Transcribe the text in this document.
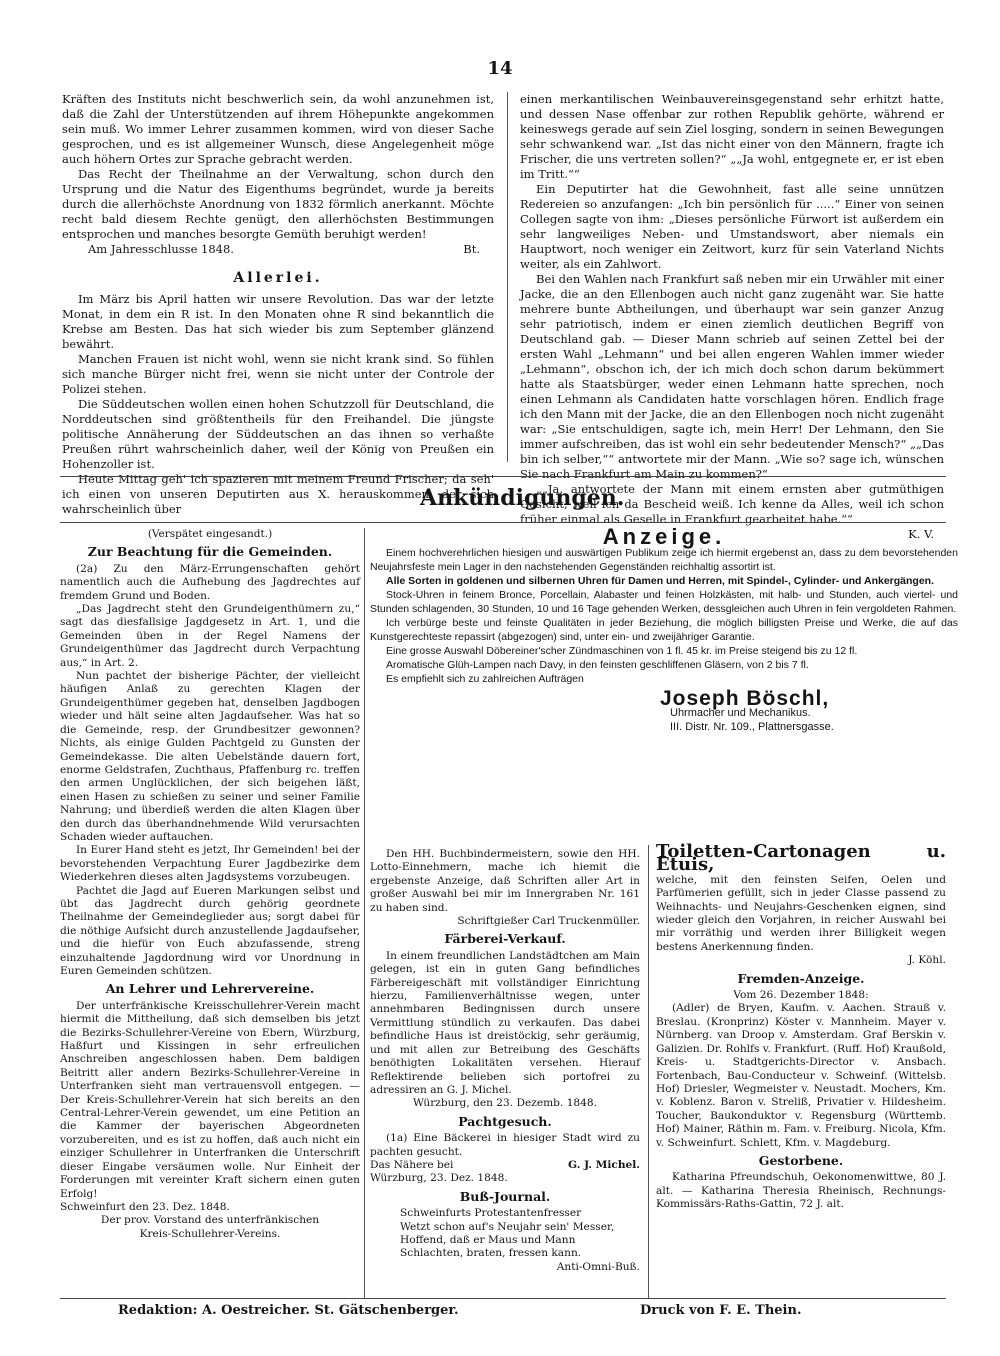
14

Kräften des Instituts nicht beschwerlich sein, da wohl anzunehmen ist, daß die Zahl der Unterstützenden auf ihrem Höhepunkte angekommen sein muß. Wo immer Lehrer zusammen kommen, wird von dieser Sache gesprochen, und es ist allgemeiner Wunsch, diese Angelegenheit möge auch höhern Ortes zur Sprache gebracht werden.

Das Recht der Theilnahme an der Verwaltung, schon durch den Ursprung und die Natur des Eigenthums begründet, wurde ja bereits durch die allerhöchste Anordnung von 1832 förmlich anerkannt. Möchte recht bald diesem Rechte genügt, den allerhöchsten Bestimmungen entsprochen und manches besorgte Gemüth beruhigt werden!

Am Jahresschlusse 1848.	Bt.

Allerlei.

Im März bis April hatten wir unsere Revolution. Das war der letzte Monat, in dem ein R ist. In den Monaten ohne R sind bekanntlich die Krebse am Besten. Das hat sich wieder bis zum September glänzend bewährt.

Manchen Frauen ist nicht wohl, wenn sie nicht krank sind. So fühlen sich manche Bürger nicht frei, wenn sie nicht unter der Controle der Polizei stehen.

Die Süddeutschen wollen einen hohen Schutzzoll für Deutschland, die Norddeutschen sind größtentheils für den Freihandel. Die jüngste politische Annäherung der Süddeutschen an das ihnen so verhaßte Preußen rührt wahrscheinlich daher, weil der König von Preußen ein Hohenzoller ist.

Heute Mittag geh' ich spazieren mit meinem Freund Frischer; da seh' ich einen von unseren Deputirten aus X. herauskommen, der sich wahrscheinlich über

einen merkantilischen Weinbauvereinsgegenstand sehr erhitzt hatte, und dessen Nase offenbar zur rothen Republik gehörte, während er keineswegs gerade auf sein Ziel losging, sondern in seinen Bewegungen sehr schwankend war. „Ist das nicht einer von den Männern, fragte ich Frischer, die uns vertreten sollen?“ „„Ja wohl, entgegnete er, er ist eben im Tritt.““

Ein Deputirter hat die Gewohnheit, fast alle seine unnützen Redereien so anzufangen: „Ich bin persönlich für .....“ Einer von seinen Collegen sagte von ihm: „Dieses persönliche Fürwort ist außerdem ein sehr langweiliges Neben- und Umstandswort, aber niemals ein Hauptwort, noch weniger ein Zeitwort, kurz für sein Vaterland Nichts weiter, als ein Zahlwort.

Bei den Wahlen nach Frankfurt saß neben mir ein Urwähler mit einer Jacke, die an den Ellenbogen auch nicht ganz zugenäht war. Sie hatte mehrere bunte Abtheilungen, und überhaupt war sein ganzer Anzug sehr patriotisch, indem er einen ziemlich deutlichen Begriff von Deutschland gab. — Dieser Mann schrieb auf seinen Zettel bei der ersten Wahl „Lehmann“ und bei allen engeren Wahlen immer wieder „Lehmann“, obschon ich, der ich mich doch schon darum bekümmert hatte als Staatsbürger, weder einen Lehmann hatte sprechen, noch einen Lehmann als Candidaten hatte vorschlagen hören. Endlich frage ich den Mann mit der Jacke, die an den Ellenbogen noch nicht zugenäht war: „Sie entschuldigen, sagte ich, mein Herr! Der Lehmann, den Sie immer aufschreiben, das ist wohl ein sehr bedeutender Mensch?“ „„Das bin ich selber,““ antwortete mir der Mann. „Wie so? sage ich, wünschen Sie nach Frankfurt am Main zu kommen?“

„„Ja, antwortete der Mann mit einem ernsten aber gutmüthigen Gesicht, weil ich da Bescheid weiß. Ich kenne da Alles, weil ich schon früher einmal als Geselle in Frankfurt gearbeitet habe.““

K. V.

Ankündigungen.

(Verspätet eingesandt.)

Zur Beachtung für die Gemeinden.

(2a) Zu den März-Errungenschaften gehört namentlich auch die Aufhebung des Jagdrechtes auf fremdem Grund und Boden.

„Das Jagdrecht steht den Grundeigenthümern zu,“ sagt das diesfallsige Jagdgesetz in Art. 1, und die Gemeinden üben in der Regel Namens der Grundeigenthümer das Jagdrecht durch Verpachtung aus,“ in Art. 2.

Nun pachtet der bisherige Pächter, der vielleicht häufigen Anlaß zu gerechten Klagen der Grundeigenthümer gegeben hat, denselben Jagdbogen wieder und hält seine alten Jagdaufseher. Was hat so die Gemeinde, resp. der Grundbesitzer gewonnen? Nichts, als einige Gulden Pachtgeld zu Gunsten der Gemeindekasse. Die alten Uebelstände dauern fort, enorme Geldstrafen, Zuchthaus, Pfaffenburg rc. treffen den armen Unglücklichen, der sich beigehen läßt, einen Hasen zu schießen zu seiner und seiner Familie Nahrung; und überdieß werden die alten Klagen über den durch das überhandnehmende Wild verursachten Schaden wieder auftauchen.

In Eurer Hand steht es jetzt, Ihr Gemeinden! bei der bevorstehenden Verpachtung Eurer Jagdbezirke dem Wiederkehren dieses alten Jagdsystems vorzubeugen.

Pachtet die Jagd auf Eueren Markungen selbst und übt das Jagdrecht durch gehörig geordnete Theilnahme der Gemeindeglieder aus; sorgt dabei für die nöthige Aufsicht durch anzustellende Jagdaufseher, und die hiefür von Euch abzufassende, streng einzuhaltende Jagdordnung wird vor Unordnung in Euren Gemeinden schützen.

An Lehrer und Lehrervereine.

Der unterfränkische Kreisschullehrer-Verein macht hiermit die Mittheilung, daß sich demselben bis jetzt die Bezirks-Schullehrer-Vereine von Ebern, Würzburg, Haßfurt und Kissingen in sehr erfreulichen Anschreiben angeschlossen haben. Dem baldigen Beitritt aller andern Bezirks-Schullehrer-Vereine in Unterfranken sieht man vertrauensvoll entgegen. — Der Kreis-Schullehrer-Verein hat sich bereits an den Central-Lehrer-Verein gewendet, um eine Petition an die Kammer der bayerischen Abgeordneten vorzubereiten, und es ist zu hoffen, daß auch nicht ein einziger Schullehrer in Unterfranken die Unterschrift dieser Eingabe versäumen wolle. Nur Einheit der Forderungen mit vereinter Kraft sichern einen guten Erfolg!

Schweinfurt den 23. Dez. 1848.

Der prov. Vorstand des unterfränkischen

Kreis-Schullehrer-Vereins.

Anzeige.

Einem hochverehrlichen hiesigen und auswärtigen Publikum zeige ich hiermit ergebenst an, dass zu dem bevorstehenden Neujahrsfeste mein Lager in den nachstehenden Gegenständen reichhaltig assortirt ist.

Alle Sorten in goldenen und silbernen Uhren für Damen und Herren, mit Spindel-, Cylinder- und Ankergängen.

Stock-Uhren in feinem Bronce, Porcellain, Alabaster und feinen Holzkästen, mit halb- und Stunden, auch viertel- und Stunden schlagenden, 30 Stunden, 10 und 16 Tage gehenden Werken, dessgleichen auch Uhren in fein vergoldeten Rahmen.

Ich verbürge beste und feinste Qualitäten in jeder Beziehung, die möglich billigsten Preise und Werke, die auf das Kunstgerechteste repassirt (abgezogen) sind, unter ein- und zweijähriger Garantie.

Eine grosse Auswahl Döbereiner'scher Zündmaschinen von 1 fl. 45 kr. im Preise steigend bis zu 12 fl.

Aromatische Glüh-Lampen nach Davy, in den feinsten geschliffenen Gläsern, von 2 bis 7 fl.

Es empfiehlt sich zu zahlreichen Aufträgen

Joseph Böschl,
Uhrmacher und Mechanikus.
III. Distr. Nr. 109., Plattnersgasse.

Den HH. Buchbindermeistern, sowie den HH. Lotto-Einnehmern, mache ich hiemit die ergebenste Anzeige, daß Schriften aller Art in großer Auswahl bei mir im Innergraben Nr. 161 zu haben sind.

Schriftgießer Carl Truckenmüller.

Färberei-Verkauf.

In einem freundlichen Landstädtchen am Main gelegen, ist ein in guten Gang befindliches Färbereigeschäft mit vollständiger Einrichtung hierzu, Familienverhältnisse wegen, unter annehmbaren Bedingnissen durch unsere Vermittlung stündlich zu verkaufen. Das dabei befindliche Haus ist dreistöckig, sehr geräumig, und mit allen zur Betreibung des Geschäfts benöthigten Lokalitäten versehen. Hierauf Reflektirende belieben sich portofrei zu adressiren an G. J. Michel.

Würzburg, den 23. Dezemb. 1848.

Pachtgesuch.

(1a) Eine Bäckerei in hiesiger Stadt wird zu pachten gesucht.

Das Nähere bei	G. J. Michel.

Würzburg, 23. Dez. 1848.

Buß-Journal.

Schweinfurts Protestantenfresser

Wetzt schon auf's Neujahr sein' Messer,

Hoffend, daß er Maus und Mann

Schlachten, braten, fressen kann.

Anti-Omni-Buß.

Toiletten-Cartonagen u. Etuis,

welche, mit den feinsten Seifen, Oelen und Parfümerien gefüllt, sich in jeder Classe passend zu Weihnachts- und Neujahrs-Geschenken eignen, sind wieder gleich den Vorjahren, in reicher Auswahl bei mir vorräthig und werden ihrer Billigkeit wegen bestens Anerkennung finden.

J. Köhl.

Fremden-Anzeige.

Vom 26. Dezember 1848:

(Adler) de Bryen, Kaufm. v. Aachen. Strauß v. Breslau. (Kronprinz) Köster v. Mannheim. Mayer v. Nürnberg. van Droop v. Amsterdam. Graf Berskin v. Galizien. Dr. Rohlfs v. Frankfurt. (Ruff. Hof) Kraußold, Kreis- u. Stadtgerichts-Director v. Ansbach. Fortenbach, Bau-Conducteur v. Schweinf. (Wittelsb. Hof) Driesler, Wegmeister v. Neustadt. Mochers, Km. v. Koblenz. Baron v. Streliß, Privatier v. Hildesheim. Toucher, Baukonduktor v. Regensburg (Württemb. Hof) Mainer, Räthin m. Fam. v. Freiburg. Nicola, Kfm. v. Schweinfurt. Schlett, Kfm. v. Magdeburg.

Gestorbene.

Katharina Pfreundschuh, Oekonomenwittwe, 80 J. alt. — Katharina Theresia Rheinisch, Rechnungs-Kommissärs-Raths-Gattin, 72 J. alt.

Redaktion: A. Oestreicher. St. Gätschenberger.	Druck von F. E. Thein.
